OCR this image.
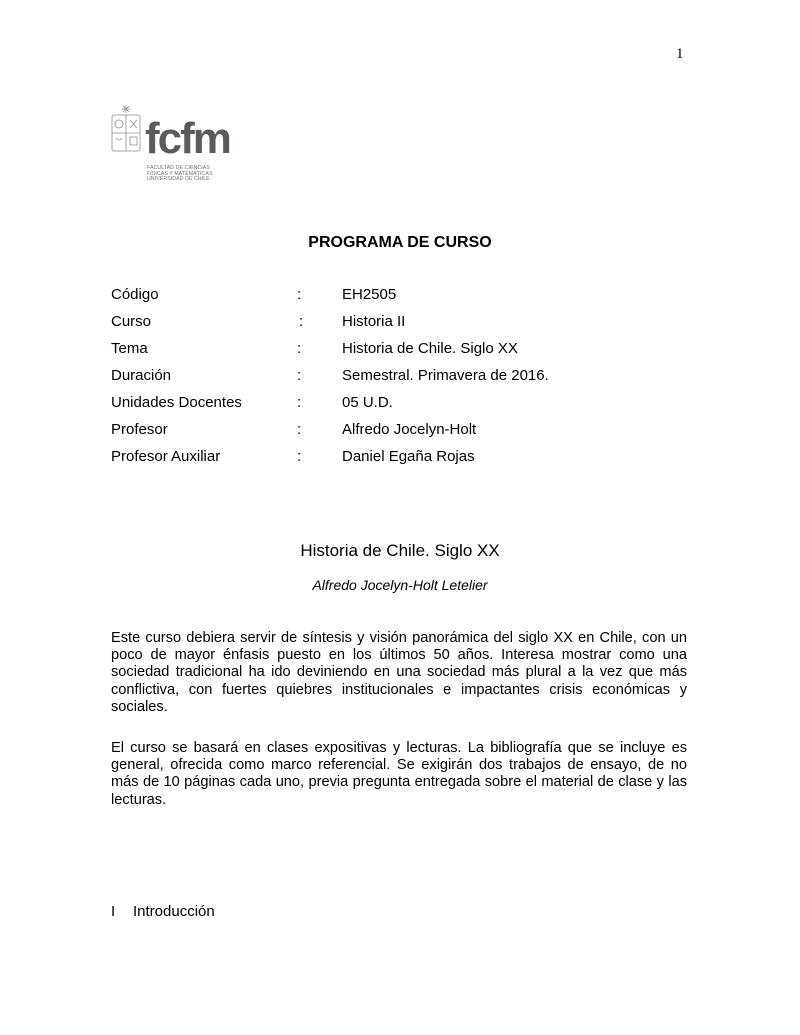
1
fcfm
FACULTAD DE CIENCIAS
FÍSICAS Y MATEMÁTICAS
UNIVERSIDAD DE CHILE
PROGRAMA DE CURSO
Código	:	EH2505
Curso	:	Historia II
Tema	:	Historia de Chile. Siglo XX
Duración	:	Semestral. Primavera de 2016.
Unidades Docentes	:	05 U.D.
Profesor	:	Alfredo Jocelyn-Holt
Profesor Auxiliar	:	Daniel Egaña Rojas
Historia de Chile. Siglo XX
Alfredo Jocelyn-Holt Letelier

Este curso debiera servir de síntesis y visión panorámica del siglo XX en Chile, con un poco de mayor énfasis puesto en los últimos 50 años. Interesa mostrar como una sociedad tradicional ha ido deviniendo en una sociedad más plural a la vez que más conflictiva, con fuertes quiebres institucionales e impactantes crisis económicas y sociales.

El curso se basará en clases expositivas y lecturas. La bibliografía que se incluye es general, ofrecida como marco referencial. Se exigirán dos trabajos de ensayo, de no más de 10 páginas cada uno, previa pregunta entregada sobre el material de clase y las lecturas.

I Introducción
